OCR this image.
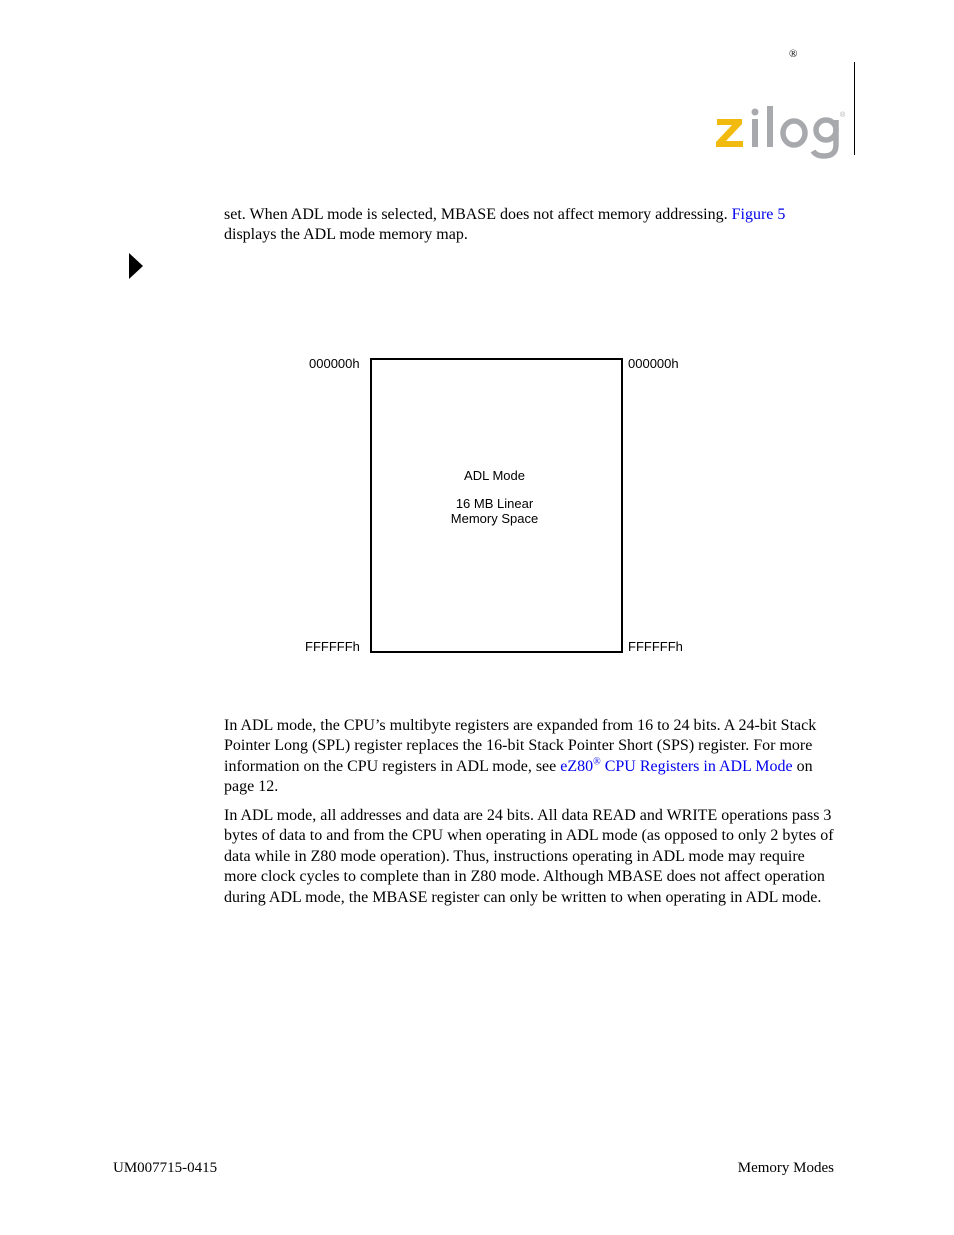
®
®
set. When ADL mode is selected, MBASE does not affect memory addressing. Figure 5
displays the ADL mode memory map.
000000h	000000h
ADL Mode
16 MB Linear
Memory Space
FFFFFFh	FFFFFFh
In ADL mode, the CPU’s multibyte registers are expanded from 16 to 24 bits. A 24-bit Stack Pointer Long (SPL) register replaces the 16-bit Stack Pointer Short (SPS) register. For more information on the CPU registers in ADL mode, see eZ80® CPU Registers in ADL Mode on page 12.
In ADL mode, all addresses and data are 24 bits. All data READ and WRITE operations pass 3 bytes of data to and from the CPU when operating in ADL mode (as opposed to only 2 bytes of data while in Z80 mode operation). Thus, instructions operating in ADL mode may require more clock cycles to complete than in Z80 mode. Although MBASE does not affect operation during ADL mode, the MBASE register can only be written to when operating in ADL mode.
UM007715-0415	Memory Modes
